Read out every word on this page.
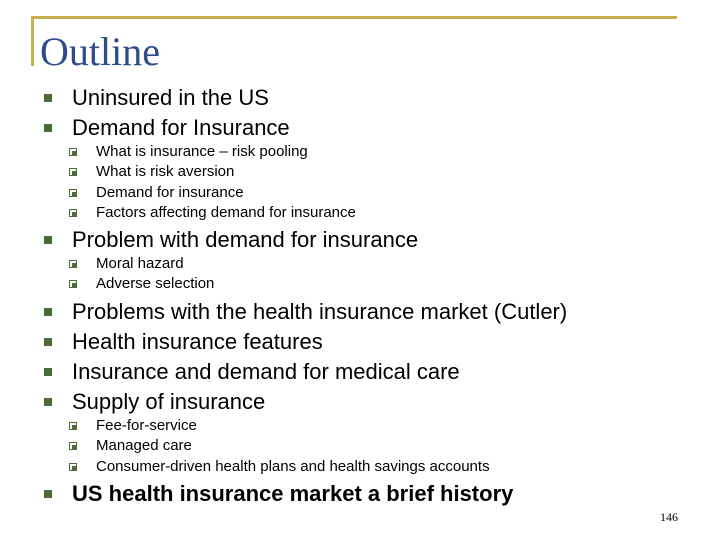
Outline
Uninsured in the US
Demand for Insurance
What is insurance – risk pooling
What is risk aversion
Demand for insurance
Factors affecting demand for insurance
Problem with demand for insurance
Moral hazard
Adverse selection
Problems with the health insurance market (Cutler)
Health insurance features
Insurance and demand for medical care
Supply of insurance
Fee-for-service
Managed care
Consumer-driven health plans and health savings accounts
US health insurance market a brief history
146
